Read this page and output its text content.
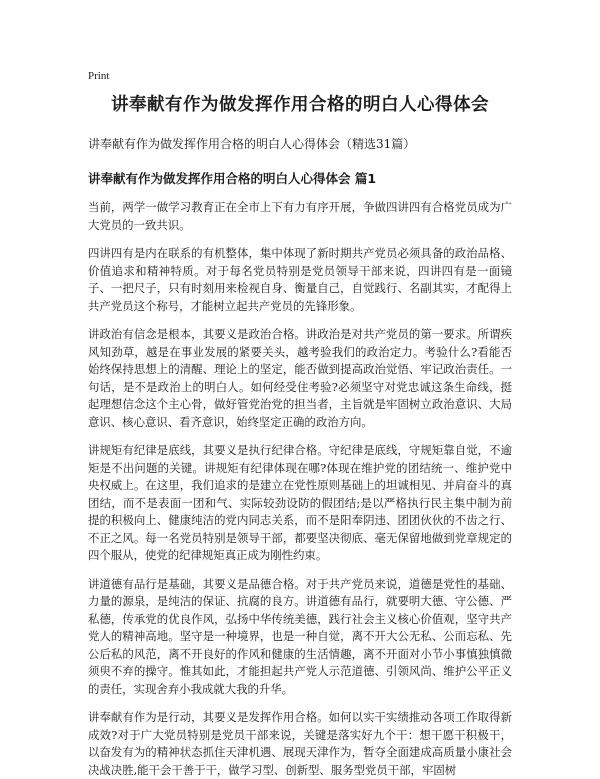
Print
讲奉献有作为做发挥作用合格的明白人心得体会

讲奉献有作为做发挥作用合格的明白人心得体会（精选31篇）

讲奉献有作为做发挥作用合格的明白人心得体会 篇1

当前，两学一做学习教育正在全市上下有力有序开展，争做四讲四有合格党员成为广大党员的一致共识。

四讲四有是内在联系的有机整体，集中体现了新时期共产党员必须具备的政治品格、价值追求和精神特质。对于每名党员特别是党员领导干部来说，四讲四有是一面镜子、一把尺子，只有时刻用来检视自身、衡量自己，自觉践行、名副其实，才配得上共产党员这个称号，才能树立起共产党员的先锋形象。

讲政治有信念是根本，其要义是政治合格。讲政治是对共产党员的第一要求。所谓疾风知劲草，越是在事业发展的紧要关头，越考验我们的政治定力。考验什么?看能否始终保持思想上的清醒、理论上的坚定，能否做到提高政治觉悟、牢记政治责任。一句话，是不是政治上的明白人。如何经受住考验?必须坚守对党忠诚这条生命线，挺起理想信念这个主心骨，做好管党治党的担当者，主旨就是牢固树立政治意识、大局意识、核心意识、看齐意识，始终坚定正确的政治方向。

讲规矩有纪律是底线，其要义是执行纪律合格。守纪律是底线，守规矩靠自觉，不逾矩是不出问题的关键。讲规矩有纪律体现在哪?体现在维护党的团结统一、维护党中央权威上。在这里，我们追求的是建立在党性原则基础上的坦诚相见、并肩奋斗的真团结，而不是表面一团和气、实际较劲设防的假团结;是以严格执行民主集中制为前提的积极向上、健康纯洁的党内同志关系，而不是阳奉阴违、团团伙伙的不齿之行、不正之风。每一名党员特别是领导干部，都要坚决彻底、毫无保留地做到党章规定的四个服从，使党的纪律规矩真正成为刚性约束。

讲道德有品行是基础，其要义是品德合格。对于共产党员来说，道德是党性的基础、力量的源泉，是纯洁的保证、抗腐的良方。讲道德有品行，就要明大德、守公德、严私德，传承党的优良作风，弘扬中华传统美德，践行社会主义核心价值观，坚守共产党人的精神高地。坚守是一种境界，也是一种自觉，离不开大公无私、公而忘私、先公后私的风范，离不开良好的作风和健康的生活情趣，离不开面对小节小事慎独慎微须臾不弃的操守。惟其如此，才能担起共产党人示范道德、引领风尚、维护公平正义的责任，实现舍弃小我成就大我的升华。

讲奉献有作为是行动，其要义是发挥作用合格。如何以实干实绩推动各项工作取得新成效?对于广大党员特别是党员干部来说，关键是落实好九个干：想干愿干积极干，以奋发有为的精神状态抓住天津机遇、展现天津作为，暂夺全面建成高质量小康社会决战决胜,能干会干善于干，做学习型、创新型、服务型党员干部，牢固树
